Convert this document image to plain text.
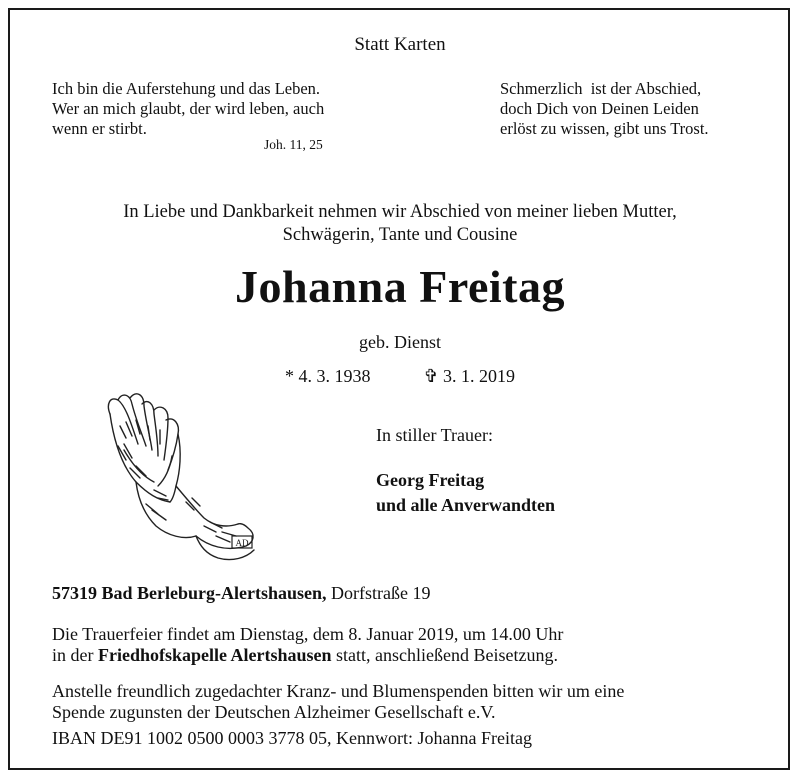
Statt Karten
Ich bin die Auferstehung und das Leben.
Wer an mich glaubt, der wird leben, auch
wenn er stirbt.
Joh. 11, 25
Schmerzlich  ist der Abschied,
doch Dich von Deinen Leiden
erlöst zu wissen, gibt uns Trost.
In Liebe und Dankbarkeit nehmen wir Abschied von meiner lieben Mutter,
Schwägerin, Tante und Cousine
Johanna Freitag
geb. Dienst
* 4. 3. 1938	✞ 3. 1. 2019
AD
In stiller Trauer:
Georg Freitag
und alle Anverwandten
57319 Bad Berleburg-Alertshausen, Dorfstraße 19
Die Trauerfeier findet am Dienstag, dem 8. Januar 2019, um 14.00 Uhr
in der Friedhofskapelle Alertshausen statt, anschließend Beisetzung.
Anstelle freundlich zugedachter Kranz- und Blumenspenden bitten wir um eine
Spende zugunsten der Deutschen Alzheimer Gesellschaft e.V.
IBAN DE91 1002 0500 0003 3778 05, Kennwort: Johanna Freitag
